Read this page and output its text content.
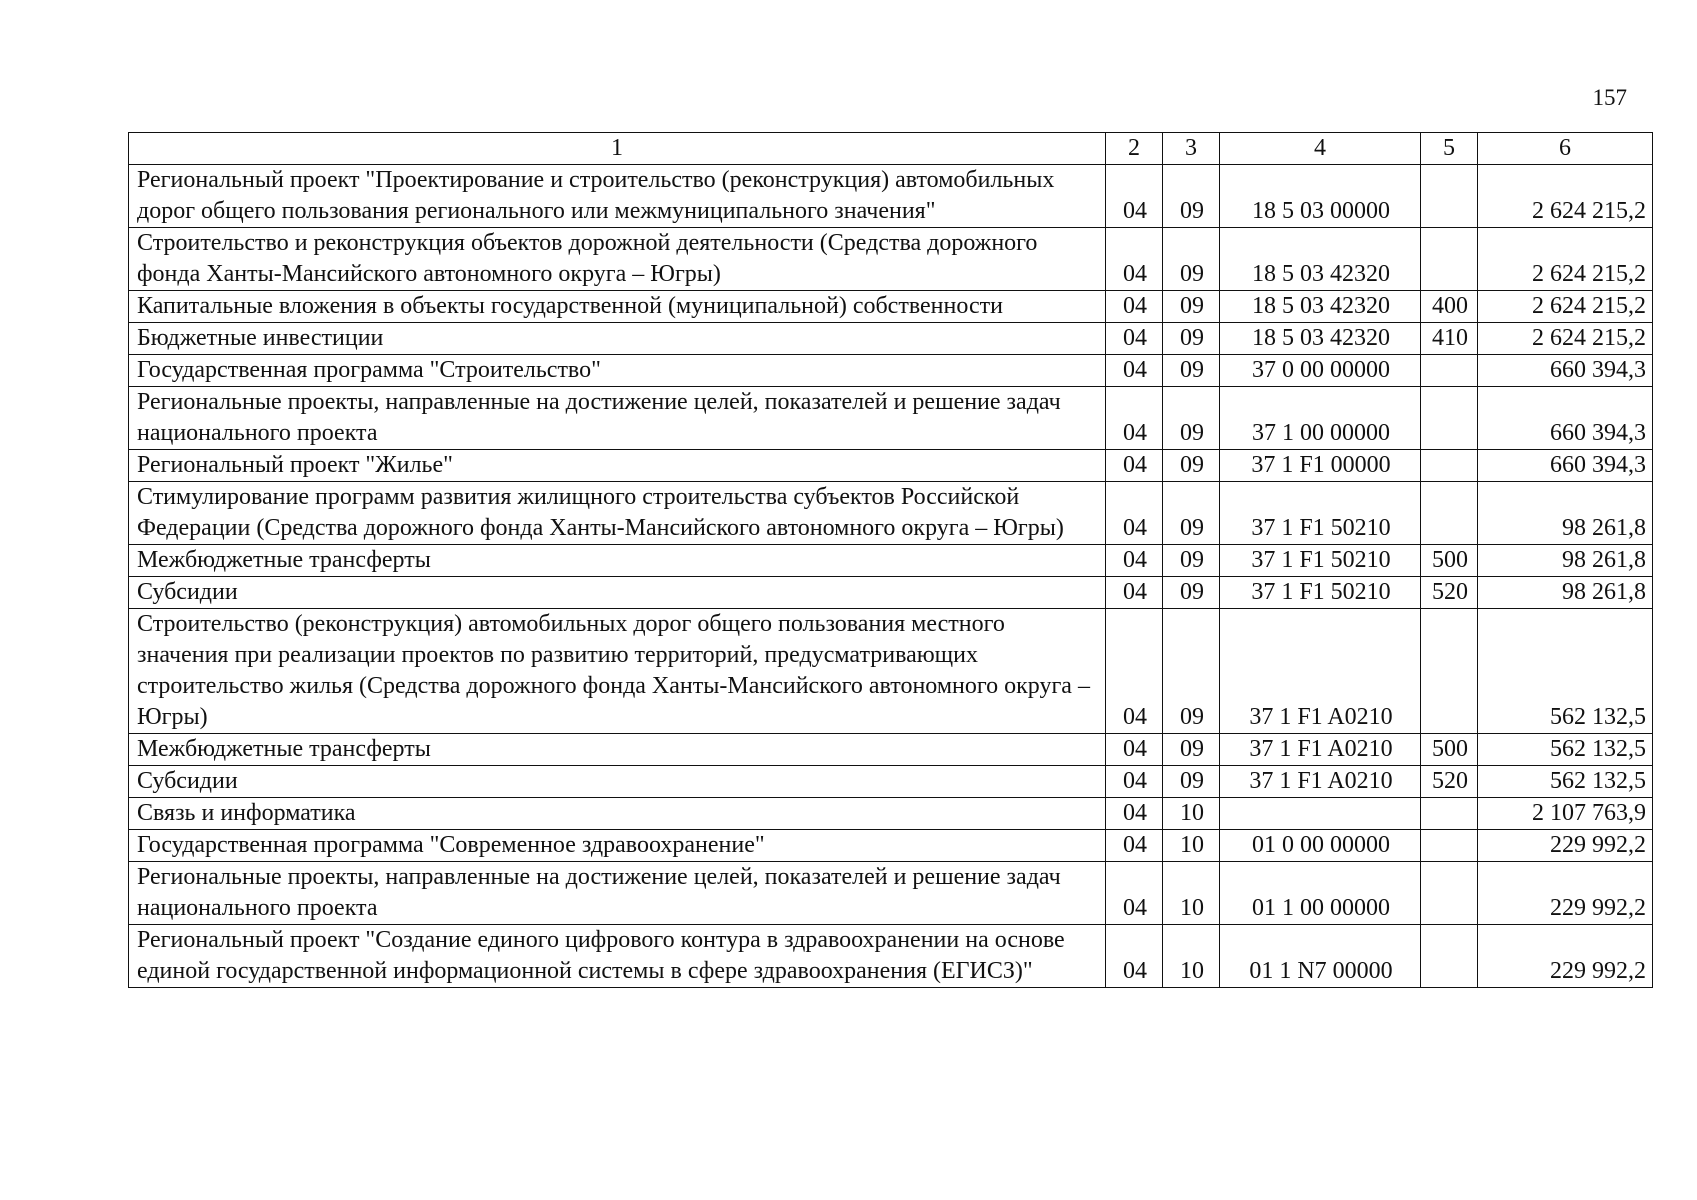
157
1	2	3	4	5	6
Региональный проект "Проектирование и строительство (реконструкция) автомобильных дорог общего пользования регионального или межмуниципального значения"	04	09	18 5 03 00000		2 624 215,2
Строительство и реконструкция объектов дорожной деятельности (Средства дорожного фонда Ханты-Мансийского автономного округа – Югры)	04	09	18 5 03 42320		2 624 215,2
Капитальные вложения в объекты государственной (муниципальной) собственности	04	09	18 5 03 42320	400	2 624 215,2
Бюджетные инвестиции	04	09	18 5 03 42320	410	2 624 215,2
Государственная программа "Строительство"	04	09	37 0 00 00000		660 394,3
Региональные проекты, направленные на достижение целей, показателей и решение задач национального проекта	04	09	37 1 00 00000		660 394,3
Региональный проект "Жилье"	04	09	37 1 F1 00000		660 394,3
Стимулирование программ развития жилищного строительства субъектов Российской Федерации (Средства дорожного фонда Ханты-Мансийского автономного округа – Югры)	04	09	37 1 F1 50210		98 261,8
Межбюджетные трансферты	04	09	37 1 F1 50210	500	98 261,8
Субсидии	04	09	37 1 F1 50210	520	98 261,8
Строительство (реконструкция) автомобильных дорог общего пользования местного значения при реализации проектов по развитию территорий, предусматривающих строительство жилья (Средства дорожного фонда Ханты-Мансийского автономного округа – Югры)	04	09	37 1 F1 A0210		562 132,5
Межбюджетные трансферты	04	09	37 1 F1 A0210	500	562 132,5
Субсидии	04	09	37 1 F1 A0210	520	562 132,5
Связь и информатика	04	10			2 107 763,9
Государственная программа "Современное здравоохранение"	04	10	01 0 00 00000		229 992,2
Региональные проекты, направленные на достижение целей, показателей и решение задач национального проекта	04	10	01 1 00 00000		229 992,2
Региональный проект "Создание единого цифрового контура в здравоохранении на основе единой государственной информационной системы в сфере здравоохранения (ЕГИСЗ)"	04	10	01 1 N7 00000		229 992,2
